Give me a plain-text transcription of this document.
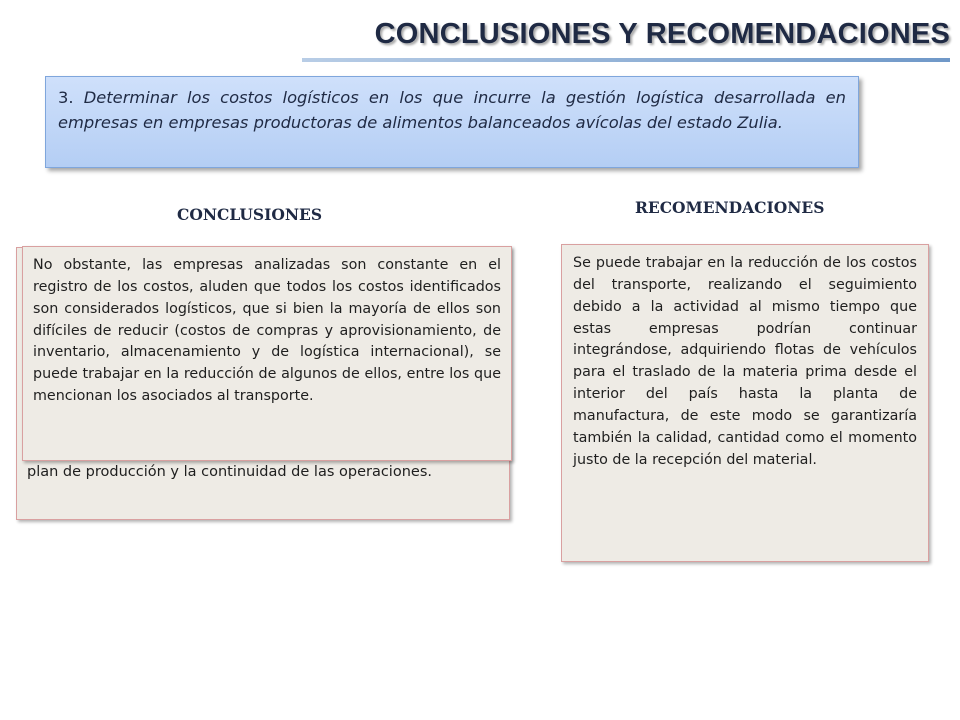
CONCLUSIONES Y RECOMENDACIONES
3. Determinar los costos logísticos en los que incurre la gestión logística desarrollada en empresas en empresas productoras de alimentos balanceados avícolas del estado Zulia.
CONCLUSIONES	RECOMENDACIONES
plan de producción y la continuidad de las operaciones.
No obstante, las empresas analizadas son constante en el registro de los costos, aluden que todos los costos identificados son considerados logísticos, que si bien la mayoría de ellos son difíciles de reducir (costos de compras y aprovisionamiento, de inventario, almacenamiento y de logística internacional), se puede trabajar en la reducción de algunos de ellos, entre los que mencionan los asociados al transporte.
Se puede trabajar en la reducción de los costos del transporte, realizando el seguimiento debido a la actividad al mismo tiempo que estas empresas podrían continuar integrándose, adquiriendo flotas de vehículos para el traslado de la materia prima desde el interior del país hasta la planta de manufactura, de este modo se garantizaría también la calidad, cantidad como el momento justo de la recepción del material.
